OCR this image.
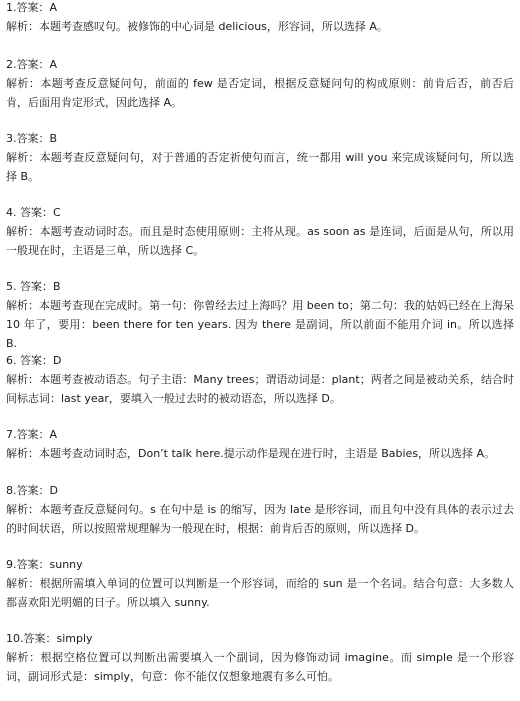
1.答案：A
解析：本题考查感叹句。被修饰的中心词是 delicious，形容词，所以选择 A。
2.答案：A
解析：本题考查反意疑问句，前面的 few 是否定词，根据反意疑问句的构成原则：前肯后否，前否后肯，后面用肯定形式，因此选择 A。
3.答案：B
解析：本题考查反意疑问句，对于普通的否定祈使句而言，统一都用 will you 来完成该疑问句，所以选择 B。
4. 答案：C
解析：本题考查动词时态。而且是时态使用原则：主将从现。as soon as 是连词，后面是从句，所以用一般现在时，主语是三单，所以选择 C。
5. 答案：B
解析：本题考查现在完成时。第一句：你曾经去过上海吗？用 been to；第二句：我的姑妈已经在上海呆 10 年了，要用：been there for ten years. 因为 there 是副词，所以前面不能用介词 in。所以选择 B.
6. 答案：D
解析：本题考查被动语态。句子主语：Many trees；谓语动词是：plant；两者之间是被动关系，结合时间标志词：last year，要填入一般过去时的被动语态，所以选择 D。
7.答案：A
解析：本题考查动词时态，Don’t talk here.提示动作是现在进行时，主语是 Babies，所以选择 A。
8.答案：D
解析：本题考查反意疑问句。s 在句中是 is 的缩写，因为 late 是形容词，而且句中没有具体的表示过去的时间状语，所以按照常规理解为一般现在时，根据：前肯后否的原则，所以选择 D。
9.答案：sunny
解析：根据所需填入单词的位置可以判断是一个形容词，而给的 sun 是一个名词。结合句意：大多数人都喜欢阳光明媚的日子。所以填入 sunny.
10.答案：simply
解析：根据空格位置可以判断出需要填入一个副词，因为修饰动词 imagine。而 simple 是一个形容词，副词形式是：simply，句意：你不能仅仅想象地震有多么可怕。
